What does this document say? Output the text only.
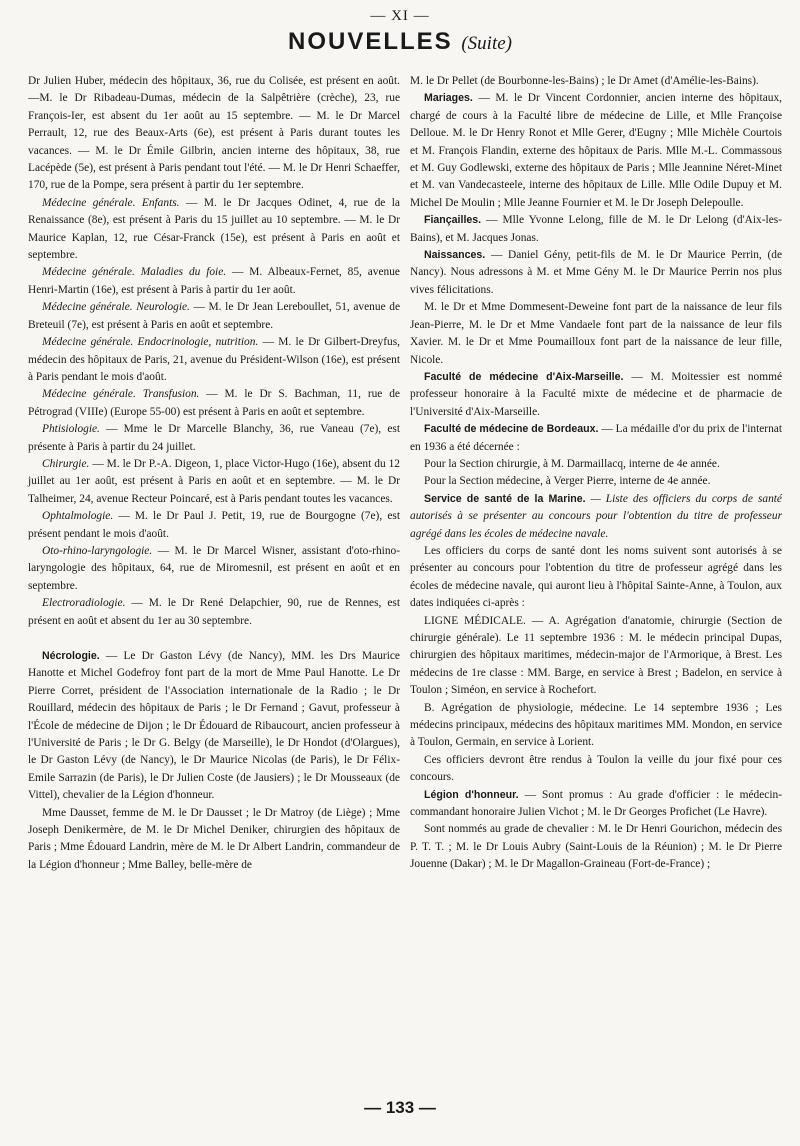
— XI —
NOUVELLES (Suite)

Dr Julien Huber, médecin des hôpitaux, 36, rue du Colisée, est présent en août. —M. le Dr Ribadeau-Dumas, médecin de la Salpêtrière (crèche), 23, rue François-Ier, est absent du 1er août au 15 septembre. — M. le Dr Marcel Perrault, 12, rue des Beaux-Arts (6e), est présent à Paris durant toutes les vacances. — M. le Dr Émile Gilbrin, ancien interne des hôpitaux, 38, rue Lacépède (5e), est présent à Paris pendant tout l'été. — M. le Dr Henri Schaeffer, 170, rue de la Pompe, sera présent à partir du 1er septembre.

Médecine générale. Enfants. — M. le Dr Jacques Odinet, 4, rue de la Renaissance (8e), est présent à Paris du 15 juillet au 10 septembre. — M. le Dr Maurice Kaplan, 12, rue César-Franck (15e), est présent à Paris en août et septembre.

Médecine générale. Maladies du foie. — M. Albeaux-Fernet, 85, avenue Henri-Martin (16e), est présent à Paris à partir du 1er août.

Médecine générale. Neurologie. — M. le Dr Jean Lereboullet, 51, avenue de Breteuil (7e), est présent à Paris en août et septembre.

Médecine générale. Endocrinologie, nutrition. — M. le Dr Gilbert-Dreyfus, médecin des hôpitaux de Paris, 21, avenue du Président-Wilson (16e), est présent à Paris pendant le mois d'août.

Médecine générale. Transfusion. — M. le Dr S. Bachman, 11, rue de Pétrograd (VIIIe) (Europe 55-00) est présent à Paris en août et septembre.

Phtisiologie. — Mme le Dr Marcelle Blanchy, 36, rue Vaneau (7e), est présente à Paris à partir du 24 juillet.

Chirurgie. — M. le Dr P.-A. Digeon, 1, place Victor-Hugo (16e), absent du 12 juillet au 1er août, est présent à Paris en août et en septembre. — M. le Dr Talheimer, 24, avenue Recteur Poincaré, est à Paris pendant toutes les vacances.

Ophtalmologie. — M. le Dr Paul J. Petit, 19, rue de Bourgogne (7e), est présent pendant le mois d'août.

Oto-rhino-laryngologie. — M. le Dr Marcel Wisner, assistant d'oto-rhino-laryngologie des hôpitaux, 64, rue de Miromesnil, est présent en août et en septembre.

Electroradiologie. — M. le Dr René Delapchier, 90, rue de Rennes, est présent en août et absent du 1er au 30 septembre.

Nécrologie. — Le Dr Gaston Lévy (de Nancy), MM. les Drs Maurice Hanotte et Michel Godefroy font part de la mort de Mme Paul Hanotte. Le Dr Pierre Corret, président de l'Association internationale de la Radio ; le Dr Rouillard, médecin des hôpitaux de Paris ; le Dr Fernand ; Gavut, professeur à l'École de médecine de Dijon ; le Dr Édouard de Ribaucourt, ancien professeur à l'Université de Paris ; le Dr G. Belgy (de Marseille), le Dr Hondot (d'Olargues), le Dr Gaston Lévy (de Nancy), le Dr Maurice Nicolas (de Paris), le Dr Félix-Emile Sarrazin (de Paris), le Dr Julien Coste (de Jausiers) ; le Dr Mousseaux (de Vittel), chevalier de la Légion d'honneur.

Mme Dausset, femme de M. le Dr Dausset ; le Dr Matroy (de Liège) ; Mme Joseph Denikermère, de M. le Dr Michel Deniker, chirurgien des hôpitaux de Paris ; Mme Édouard Landrin, mère de M. le Dr Albert Landrin, commandeur de la Légion d'honneur ; Mme Balley, belle-mère de

M. le Dr Pellet (de Bourbonne-les-Bains) ; le Dr Amet (d'Amélie-les-Bains).

Mariages. — M. le Dr Vincent Cordonnier, ancien interne des hôpitaux, chargé de cours à la Faculté libre de médecine de Lille, et Mlle Françoise Delloue. M. le Dr Henry Ronot et Mlle Gerer, d'Eugny ; Mlle Michèle Courtois et M. François Flandin, externe des hôpitaux de Paris. Mlle M.-L. Commassous et M. Guy Godlewski, externe des hôpitaux de Paris ; Mlle Jeannine Néret-Minet et M. van Vandecasteele, interne des hôpitaux de Lille. Mlle Odile Dupuy et M. Michel De Moulin ; Mlle Jeanne Fournier et M. le Dr Joseph Delepoulle.

Fiançailles. — Mlle Yvonne Lelong, fille de M. le Dr Lelong (d'Aix-les-Bains), et M. Jacques Jonas.

Naissances. — Daniel Gény, petit-fils de M. le Dr Maurice Perrin, (de Nancy). Nous adressons à M. et Mme Gény M. le Dr Maurice Perrin nos plus vives félicitations.

M. le Dr et Mme Dommesent-Deweine font part de la naissance de leur fils Jean-Pierre, M. le Dr et Mme Vandaele font part de la naissance de leur fils Xavier. M. le Dr et Mme Poumailloux font part de la naissance de leur fille, Nicole.

Faculté de médecine d'Aix-Marseille. — M. Moitessier est nommé professeur honoraire à la Faculté mixte de médecine et de pharmacie de l'Université d'Aix-Marseille.

Faculté de médecine de Bordeaux. — La médaille d'or du prix de l'internat en 1936 a été décernée :

Pour la Section chirurgie, à M. Darmaillacq, interne de 4e année.

Pour la Section médecine, à Verger Pierre, interne de 4e année.

Service de santé de la Marine. — Liste des officiers du corps de santé autorisés à se présenter au concours pour l'obtention du titre de professeur agrégé dans les écoles de médecine navale.

Les officiers du corps de santé dont les noms suivent sont autorisés à se présenter au concours pour l'obtention du titre de professeur agrégé dans les écoles de médecine navale, qui auront lieu à l'hôpital Sainte-Anne, à Toulon, aux dates indiquées ci-après :

LIGNE MÉDICALE. — A. Agrégation d'anatomie, chirurgie (Section de chirurgie générale). Le 11 septembre 1936 : M. le médecin principal Dupas, chirurgien des hôpitaux maritimes, médecin-major de l'Armorique, à Brest. Les médecins de 1re classe : MM. Barge, en service à Brest ; Badelon, en service à Toulon ; Siméon, en service à Rochefort.

B. Agrégation de physiologie, médecine. Le 14 septembre 1936 ; Les médecins principaux, médecins des hôpitaux maritimes MM. Mondon, en service à Toulon, Germain, en service à Lorient.

Ces officiers devront être rendus à Toulon la veille du jour fixé pour ces concours.

Légion d'honneur. — Sont promus : Au grade d'officier : le médecin-commandant honoraire Julien Vichot ; M. le Dr Georges Profichet (Le Havre).

Sont nommés au grade de chevalier : M. le Dr Henri Gourichon, médecin des P. T. T. ; M. le Dr Louis Aubry (Saint-Louis de la Réunion) ; M. le Dr Pierre Jouenne (Dakar) ; M. le Dr Magallon-Graineau (Fort-de-France) ;

— 133 —
